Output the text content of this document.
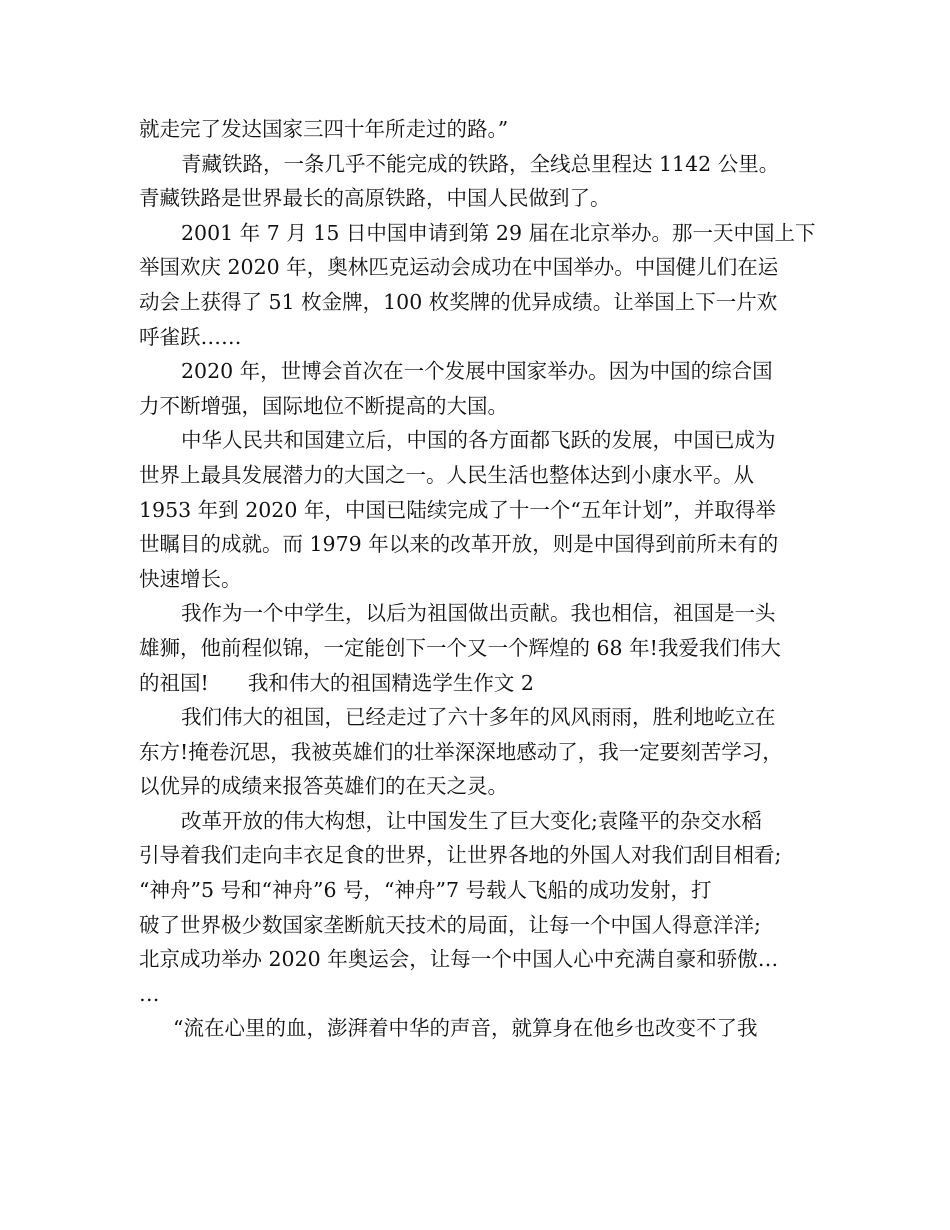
就走完了发达国家三四十年所走过的路。”
青藏铁路，一条几乎不能完成的铁路，全线总里程达 1142 公里。
青藏铁路是世界最长的高原铁路，中国人民做到了。
2001 年 7 月 15 日中国申请到第 29 届在北京举办。那一天中国上下
举国欢庆 2020 年，奥林匹克运动会成功在中国举办。中国健儿们在运
动会上获得了 51 枚金牌，100 枚奖牌的优异成绩。让举国上下一片欢
呼雀跃……
2020 年，世博会首次在一个发展中国家举办。因为中国的综合国
力不断增强，国际地位不断提高的大国。
中华人民共和国建立后，中国的各方面都飞跃的发展，中国已成为
世界上最具发展潜力的大国之一。人民生活也整体达到小康水平。从
1953 年到 2020 年，中国已陆续完成了十一个“五年计划”，并取得举
世瞩目的成就。而 1979 年以来的改革开放，则是中国得到前所未有的
快速增长。
我作为一个中学生，以后为祖国做出贡献。我也相信，祖国是一头
雄狮，他前程似锦，一定能创下一个又一个辉煌的 68 年!我爱我们伟大
的祖国!      我和伟大的祖国精选学生作文 2
我们伟大的祖国，已经走过了六十多年的风风雨雨，胜利地屹立在
东方!掩卷沉思，我被英雄们的壮举深深地感动了，我一定要刻苦学习，
以优异的成绩来报答英雄们的在天之灵。
改革开放的伟大构想，让中国发生了巨大变化;袁隆平的杂交水稻
引导着我们走向丰衣足食的世界，让世界各地的外国人对我们刮目相看;
“神舟”5 号和“神舟”6 号，“神舟”7 号载人飞船的成功发射，打
破了世界极少数国家垄断航天技术的局面，让每一个中国人得意洋洋;
北京成功举办 2020 年奥运会，让每一个中国人心中充满自豪和骄傲…
…
“流在心里的血，澎湃着中华的声音，就算身在他乡也改变不了我
